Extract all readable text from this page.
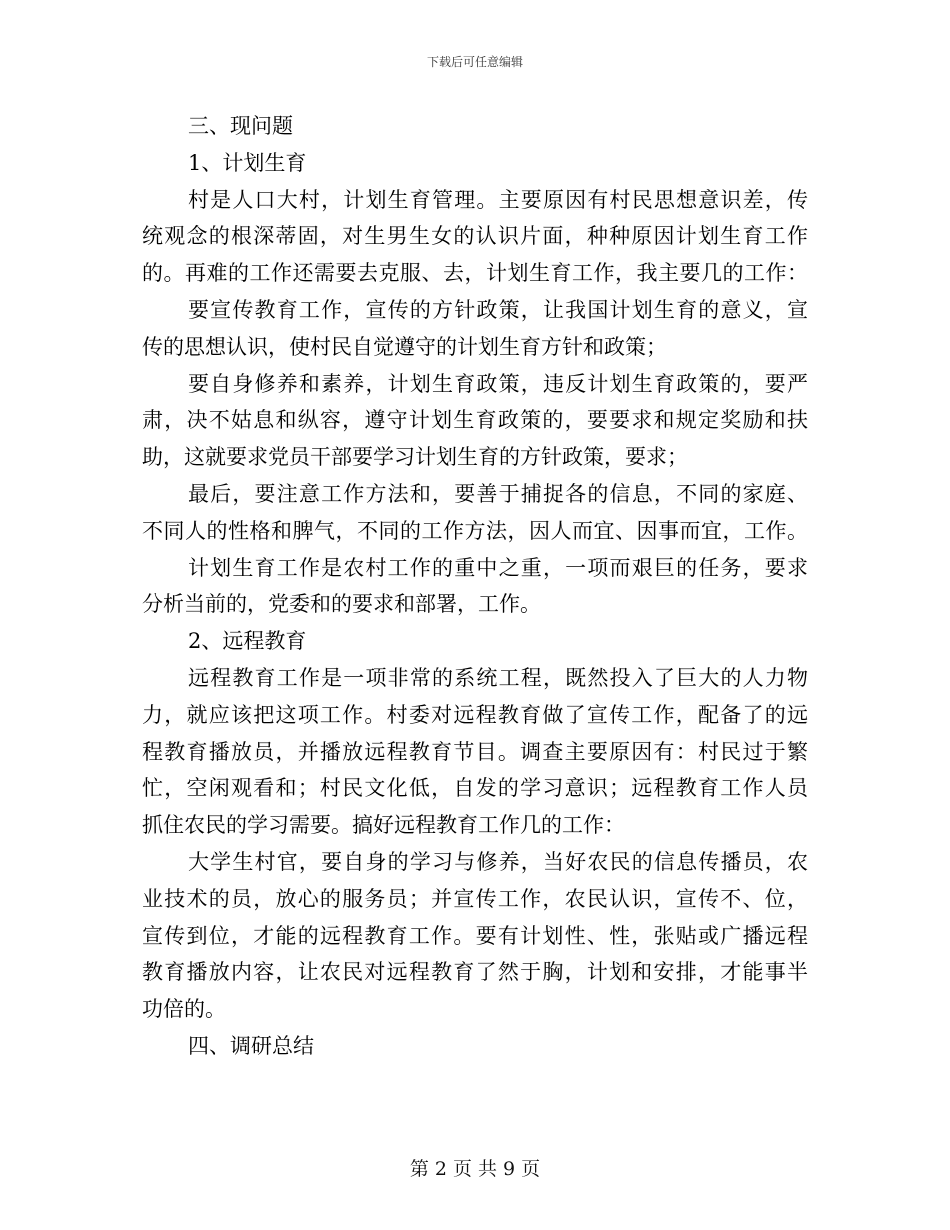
下载后可任意编辑
三、现问题
1、计划生育
村是人口大村，计划生育管理。主要原因有村民思想意识差，传
统观念的根深蒂固，对生男生女的认识片面，种种原因计划生育工作
的。再难的工作还需要去克服、去，计划生育工作，我主要几的工作：
要宣传教育工作，宣传的方针政策，让我国计划生育的意义，宣
传的思想认识，使村民自觉遵守的计划生育方针和政策；
要自身修养和素养，计划生育政策，违反计划生育政策的，要严
肃，决不姑息和纵容，遵守计划生育政策的，要要求和规定奖励和扶
助，这就要求党员干部要学习计划生育的方针政策，要求；
最后，要注意工作方法和，要善于捕捉各的信息，不同的家庭、
不同人的性格和脾气，不同的工作方法，因人而宜、因事而宜，工作。
计划生育工作是农村工作的重中之重，一项而艰巨的任务，要求
分析当前的，党委和的要求和部署，工作。
2、远程教育
远程教育工作是一项非常的系统工程，既然投入了巨大的人力物
力，就应该把这项工作。村委对远程教育做了宣传工作，配备了的远
程教育播放员，并播放远程教育节目。调查主要原因有：村民过于繁
忙，空闲观看和；村民文化低，自发的学习意识；远程教育工作人员
抓住农民的学习需要。搞好远程教育工作几的工作：
大学生村官，要自身的学习与修养，当好农民的信息传播员，农
业技术的员，放心的服务员；并宣传工作，农民认识，宣传不、位，
宣传到位，才能的远程教育工作。要有计划性、性，张贴或广播远程
教育播放内容，让农民对远程教育了然于胸，计划和安排，才能事半
功倍的。
四、调研总结
第 2 页 共 9 页
